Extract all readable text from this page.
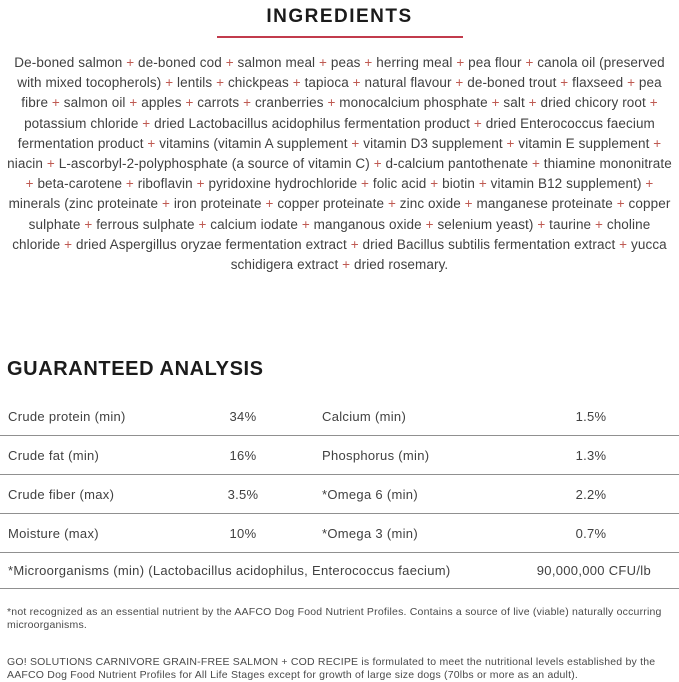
INGREDIENTS

De-boned salmon + de-boned cod + salmon meal + peas + herring meal + pea flour + canola oil (preserved with mixed tocopherols) + lentils + chickpeas + tapioca + natural flavour + de-boned trout + flaxseed + pea fibre + salmon oil + apples + carrots + cranberries + monocalcium phosphate + salt + dried chicory root + potassium chloride + dried Lactobacillus acidophilus fermentation product + dried Enterococcus faecium fermentation product + vitamins (vitamin A supplement + vitamin D3 supplement + vitamin E supplement + niacin + L-ascorbyl-2-polyphosphate (a source of vitamin C) + d-calcium pantothenate + thiamine mononitrate + beta-carotene + riboflavin + pyridoxine hydrochloride + folic acid + biotin + vitamin B12 supplement) + minerals (zinc proteinate + iron proteinate + copper proteinate + zinc oxide + manganese proteinate + copper sulphate + ferrous sulphate + calcium iodate + manganous oxide + selenium yeast) + taurine + choline chloride + dried Aspergillus oryzae fermentation extract + dried Bacillus subtilis fermentation extract + yucca schidigera extract + dried rosemary.

GUARANTEED ANALYSIS
Crude protein (min)	34%	Calcium (min)	1.5%
Crude fat (min)	16%	Phosphorus (min)	1.3%
Crude fiber (max)	3.5%	*Omega 6 (min)	2.2%
Moisture (max)	10%	*Omega 3 (min)	0.7%
*Microorganisms (min) (Lactobacillus acidophilus, Enterococcus faecium)	90,000,000 CFU/lb

*not recognized as an essential nutrient by the AAFCO Dog Food Nutrient Profiles. Contains a source of live (viable) naturally occurring microorganisms.

GO! SOLUTIONS CARNIVORE GRAIN-FREE SALMON + COD RECIPE is formulated to meet the nutritional levels established by the AAFCO Dog Food Nutrient Profiles for All Life Stages except for growth of large size dogs (70lbs or more as an adult).
